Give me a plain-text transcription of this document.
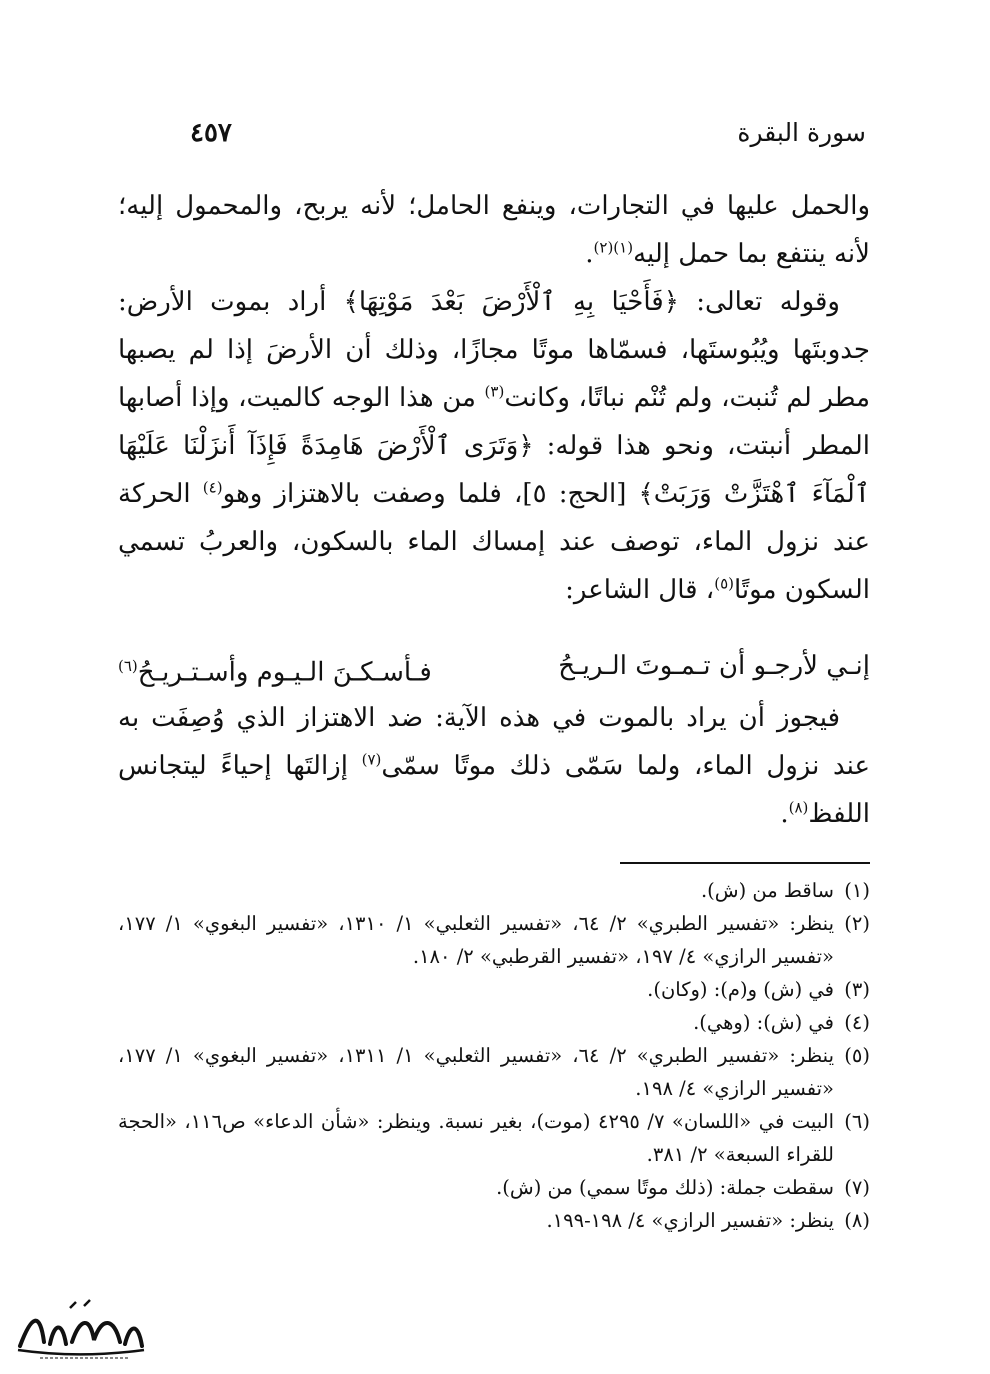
سورة البقرة
٤٥٧

والحمل عليها في التجارات، وينفع الحامل؛ لأنه يربح، والمحمول إليه؛ لأنه ينتفع بما حمل إليه$^{(١)(٢)}$.

وقوله تعالى: ﴿فَأَحْيَا بِهِ ٱلْأَرْضَ بَعْدَ مَوْتِهَا﴾ أراد بموت الأرض: جدوبتَها ويُبُوستَها، فسمّاها موتًا مجازًا، وذلك أن الأرضَ إذا لم يصبها مطر لم تُنبت، ولم تُنْم نباتًا، وكانت$^{(٣)}$ من هذا الوجه كالميت، وإذا أصابها المطر أنبتت، ونحو هذا قوله: ﴿وَتَرَى ٱلْأَرْضَ هَامِدَةً فَإِذَآ أَنزَلْنَا عَلَيْهَا ٱلْمَآءَ ٱهْتَزَّتْ وَرَبَتْ﴾ [الحج: ٥]، فلما وصفت بالاهتزاز وهو$^{(٤)}$ الحركة عند نزول الماء، توصف عند إمساك الماء بالسكون، والعربُ تسمي السكون موتًا$^{(٥)}$، قال الشاعر:

إنـي لأرجـو أن تـمـوتَ الـريـحُ
فـأسـكـنَ الـيـوم وأسـتـريـحُ$^{(٦)}$

فيجوز أن يراد بالموت في هذه الآية: ضد الاهتزاز الذي وُصِفَت به عند نزول الماء، ولما سَمّى ذلك موتًا سمّى$^{(٧)}$ إزالتَها إحياءً ليتجانس اللفظ$^{(٨)}$.

(١)
ساقط من (ش).
(٢)
ينظر: «تفسير الطبري» ٢/ ٦٤، «تفسير الثعلبي» ١/ ١٣١٠، «تفسير البغوي» ١/ ١٧٧، «تفسير الرازي» ٤/ ١٩٧، «تفسير القرطبي» ٢/ ١٨٠.
(٣)
في (ش) و(م): (وكان).
(٤)
في (ش): (وهي).
(٥)
ينظر: «تفسير الطبري» ٢/ ٦٤، «تفسير الثعلبي» ١/ ١٣١١، «تفسير البغوي» ١/ ١٧٧، «تفسير الرازي» ٤/ ١٩٨.
(٦)
البيت في «اللسان» ٧/ ٤٢٩٥ (موت)، بغير نسبة. وينظر: «شأن الدعاء» ص١١٦، «الحجة للقراء السبعة» ٢/ ٣٨١.
(٧)
سقطت جملة: (ذلك موتًا سمي) من (ش).
(٨)
ينظر: «تفسير الرازي» ٤/ ١٩٨-١٩٩.
